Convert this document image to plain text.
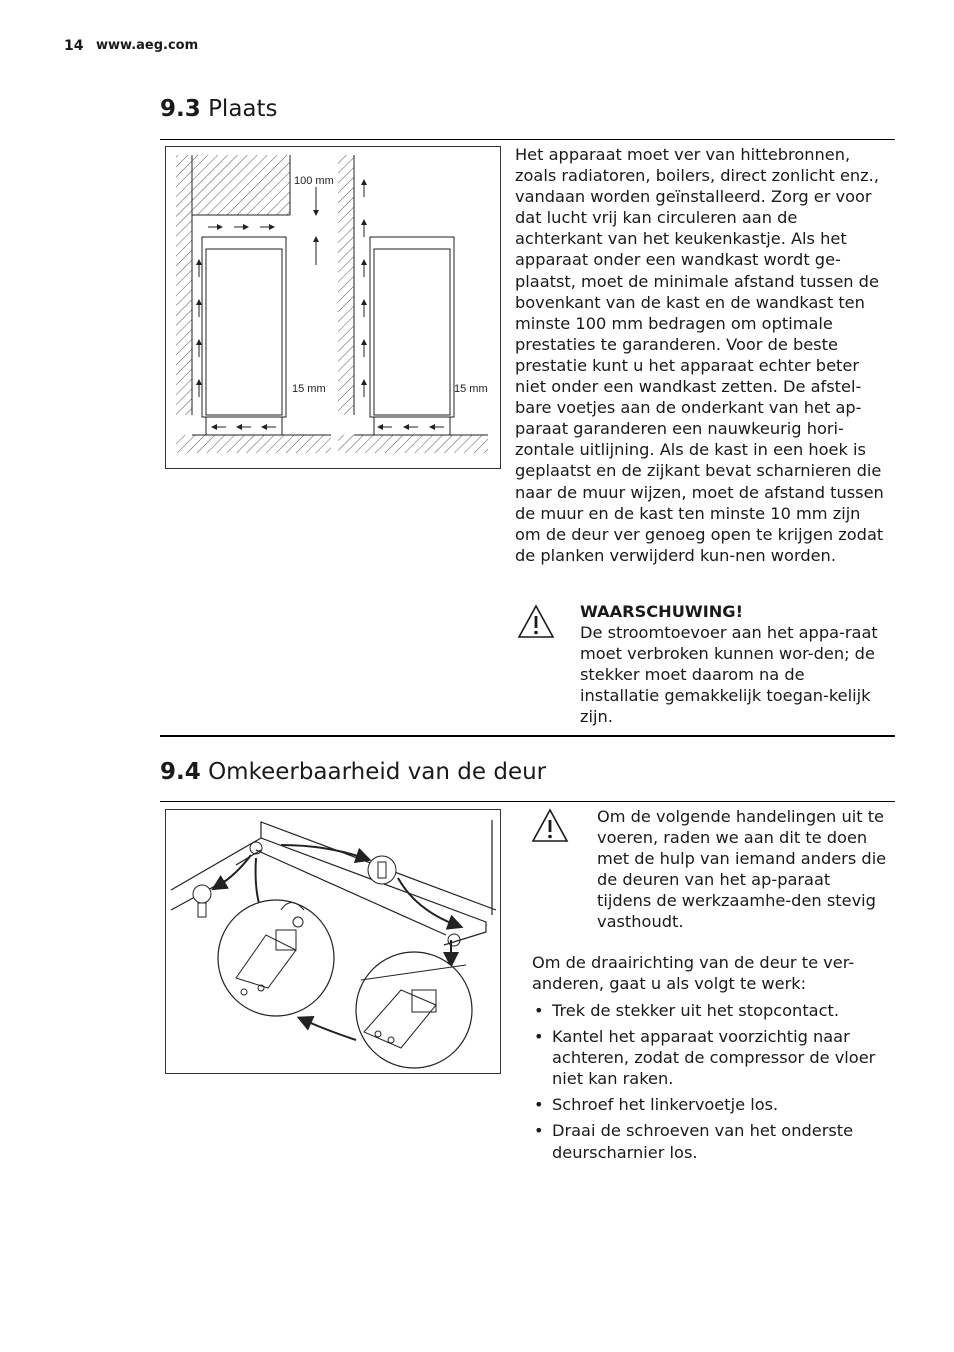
14 www.aeg.com
9.3 Plaats
100 mm
15 mm	15 mm
Het apparaat moet ver van hittebronnen, zoals radiatoren, boilers, direct zonlicht enz., vandaan worden geïnstalleerd. Zorg er voor dat lucht vrij kan circuleren aan de achterkant van het keukenkastje. Als het apparaat onder een wandkast wordt ge-plaatst, moet de minimale afstand tussen de bovenkant van de kast en de wandkast ten minste 100 mm bedragen om optimale prestaties te garanderen. Voor de beste prestatie kunt u het apparaat echter beter niet onder een wandkast zetten. De afstel-bare voetjes aan de onderkant van het ap-paraat garanderen een nauwkeurig hori-zontale uitlijning. Als de kast in een hoek is geplaatst en de zijkant bevat scharnieren die naar de muur wijzen, moet de afstand tussen de muur en de kast ten minste 10 mm zijn om de deur ver genoeg open te krijgen zodat de planken verwijderd kun-nen worden.
WAARSCHUWING!
De stroomtoevoer aan het appa-raat moet verbroken kunnen wor-den; de stekker moet daarom na de installatie gemakkelijk toegan-kelijk zijn.
9.4 Omkeerbaarheid van de deur
Om de volgende handelingen uit te voeren, raden we aan dit te doen met de hulp van iemand anders die de deuren van het ap-paraat tijdens de werkzaamhe-den stevig vasthoudt.
Om de draairichting van de deur te ver-anderen, gaat u als volgt te werk:
• Trek de stekker uit het stopcontact.
• Kantel het apparaat voorzichtig naar achteren, zodat de compressor de vloer niet kan raken.
• Schroef het linkervoetje los.
• Draai de schroeven van het onderste deurscharnier los.
